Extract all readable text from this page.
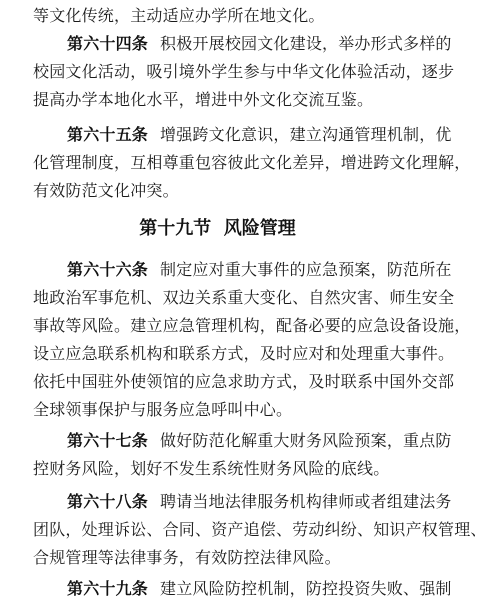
等文化传统，主动适应办学所在地文化。
第六十四条 积极开展校园文化建设，举办形式多样的
校园文化活动，吸引境外学生参与中华文化体验活动，逐步
提高办学本地化水平，增进中外文化交流互鉴。
第六十五条 增强跨文化意识，建立沟通管理机制，优
化管理制度，互相尊重包容彼此文化差异，增进跨文化理解，
有效防范文化冲突。
第六十六条 制定应对重大事件的应急预案，防范所在
地政治军事危机、双边关系重大变化、自然灾害、师生安全
事故等风险。建立应急管理机构，配备必要的应急设备设施，
设立应急联系机构和联系方式，及时应对和处理重大事件。
依托中国驻外使领馆的应急求助方式，及时联系中国外交部
全球领事保护与服务应急呼叫中心。
第六十七条 做好防范化解重大财务风险预案，重点防
控财务风险，划好不发生系统性财务风险的底线。
第六十八条 聘请当地法律服务机构律师或者组建法务
团队，处理诉讼、合同、资产追偿、劳动纠纷、知识产权管理、
合规管理等法律事务，有效防控法律风险。
第六十九条 建立风险防控机制，防控投资失败、强制
第十九节  风险管理
